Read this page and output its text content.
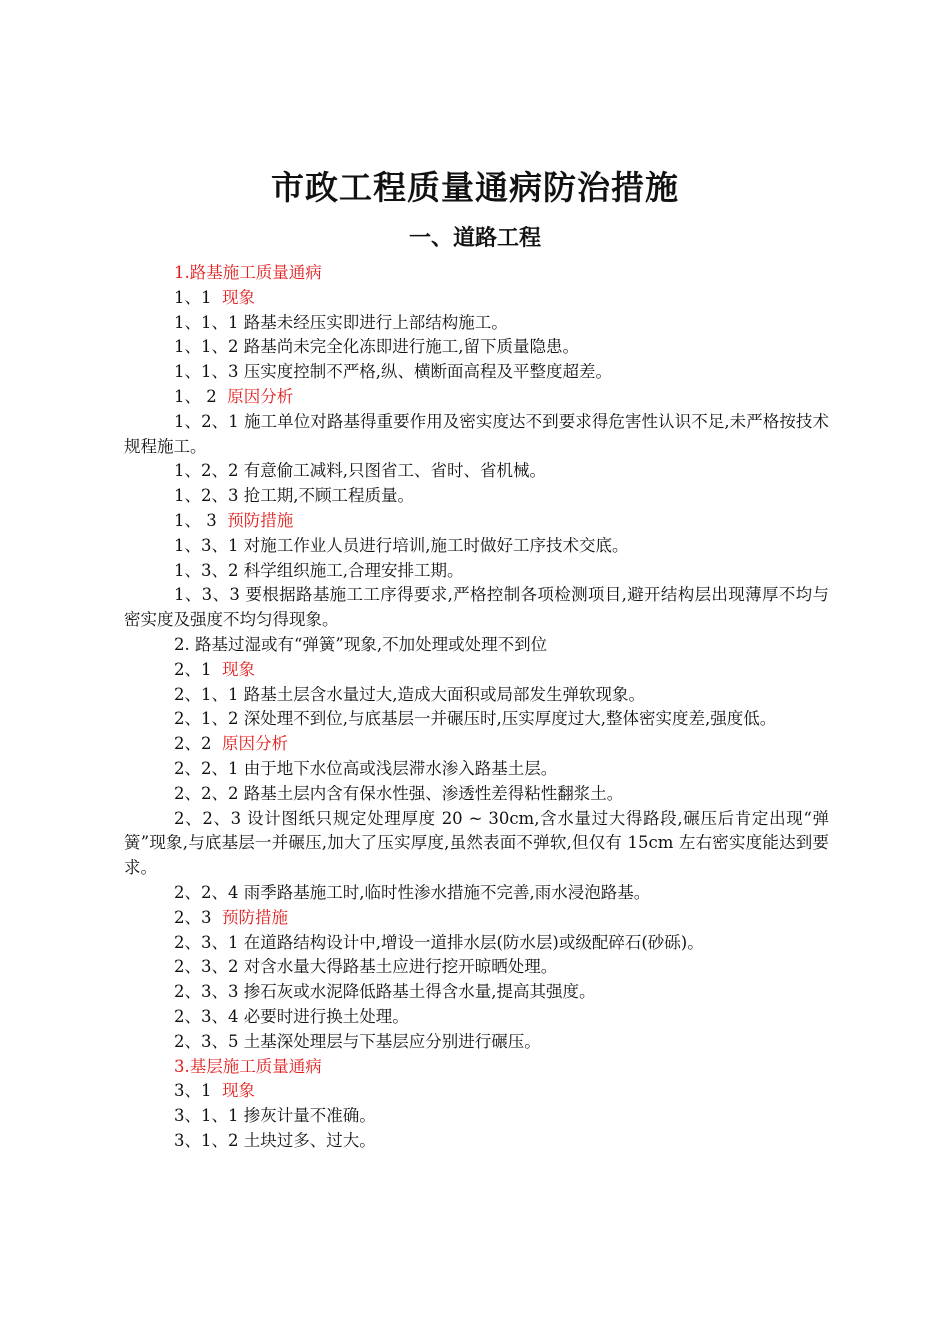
市政工程质量通病防治措施
一、道路工程

1.路基施工质量通病

1、1  现象

1、1、1 路基未经压实即进行上部结构施工。

1、1、2 路基尚未完全化冻即进行施工,留下质量隐患。

1、1、3 压实度控制不严格,纵、横断面高程及平整度超差。

1、 2  原因分析

1、2、1 施工单位对路基得重要作用及密实度达不到要求得危害性认识不足,未严格按技术规程施工。

1、2、2 有意偷工减料,只图省工、省时、省机械。

1、2、3 抢工期,不顾工程质量。

1、 3  预防措施

1、3、1 对施工作业人员进行培训,施工时做好工序技术交底。

1、3、2 科学组织施工,合理安排工期。

1、3、3 要根据路基施工工序得要求,严格控制各项检测项目,避开结构层出现薄厚不均与密实度及强度不均匀得现象。

2. 路基过湿或有“弹簧”现象,不加处理或处理不到位

2、1  现象

2、1、1 路基土层含水量过大,造成大面积或局部发生弹软现象。

2、1、2 深处理不到位,与底基层一并碾压时,压实厚度过大,整体密实度差,强度低。

2、2  原因分析

2、2、1 由于地下水位高或浅层滞水渗入路基土层。

2、2、2 路基土层内含有保水性强、渗透性差得粘性翻浆土。

2、2、3 设计图纸只规定处理厚度 20 ~ 30cm,含水量过大得路段,碾压后肯定出现“弹簧”现象,与底基层一并碾压,加大了压实厚度,虽然表面不弹软,但仅有 15cm 左右密实度能达到要求。

2、2、4 雨季路基施工时,临时性渗水措施不完善,雨水浸泡路基。

2、3  预防措施

2、3、1 在道路结构设计中,增设一道排水层(防水层)或级配碎石(砂砾)。

2、3、2 对含水量大得路基土应进行挖开晾晒处理。

2、3、3 掺石灰或水泥降低路基土得含水量,提高其强度。

2、3、4 必要时进行换土处理。

2、3、5 土基深处理层与下基层应分别进行碾压。

3.基层施工质量通病

3、1  现象

3、1、1 掺灰计量不准确。

3、1、2 土块过多、过大。
